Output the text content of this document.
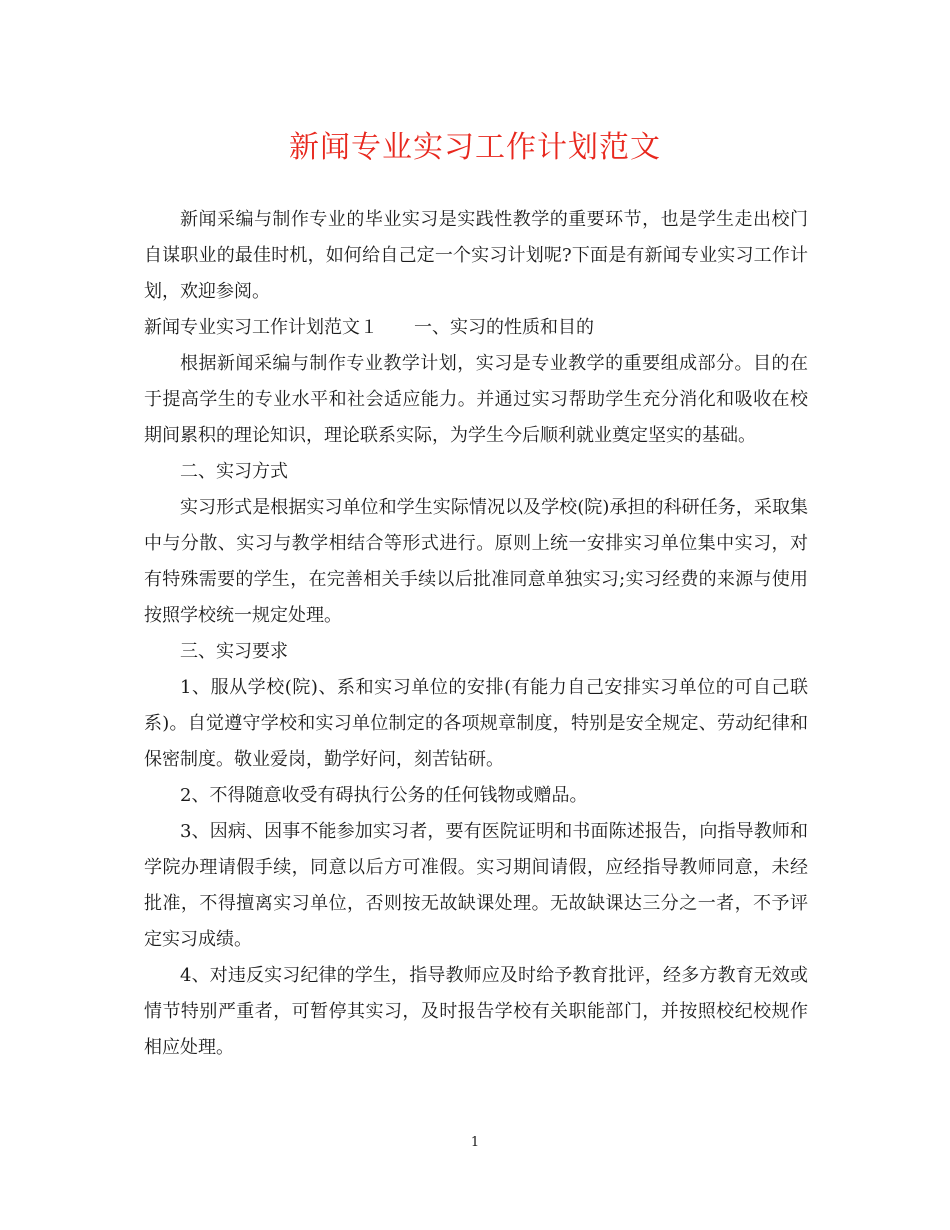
新闻专业实习工作计划范文

新闻采编与制作专业的毕业实习是实践性教学的重要环节，也是学生走出校门自谋职业的最佳时机，如何给自己定一个实习计划呢?下面是有新闻专业实习工作计划，欢迎参阅。

新闻专业实习工作计划范文１　　一、实习的性质和目的

根据新闻采编与制作专业教学计划，实习是专业教学的重要组成部分。目的在于提高学生的专业水平和社会适应能力。并通过实习帮助学生充分消化和吸收在校期间累积的理论知识，理论联系实际，为学生今后顺利就业奠定坚实的基础。

二、实习方式

实习形式是根据实习单位和学生实际情况以及学校(院)承担的科研任务，采取集中与分散、实习与教学相结合等形式进行。原则上统一安排实习单位集中实习，对有特殊需要的学生，在完善相关手续以后批准同意单独实习;实习经费的来源与使用按照学校统一规定处理。

三、实习要求

1、服从学校(院)、系和实习单位的安排(有能力自己安排实习单位的可自己联系)。自觉遵守学校和实习单位制定的各项规章制度，特别是安全规定、劳动纪律和保密制度。敬业爱岗，勤学好问，刻苦钻研。

2、不得随意收受有碍执行公务的任何钱物或赠品。

3、因病、因事不能参加实习者，要有医院证明和书面陈述报告，向指导教师和学院办理请假手续，同意以后方可准假。实习期间请假，应经指导教师同意，未经批准，不得擅离实习单位，否则按无故缺课处理。无故缺课达三分之一者，不予评定实习成绩。

4、对违反实习纪律的学生，指导教师应及时给予教育批评，经多方教育无效或情节特别严重者，可暂停其实习，及时报告学校有关职能部门，并按照校纪校规作相应处理。

1
